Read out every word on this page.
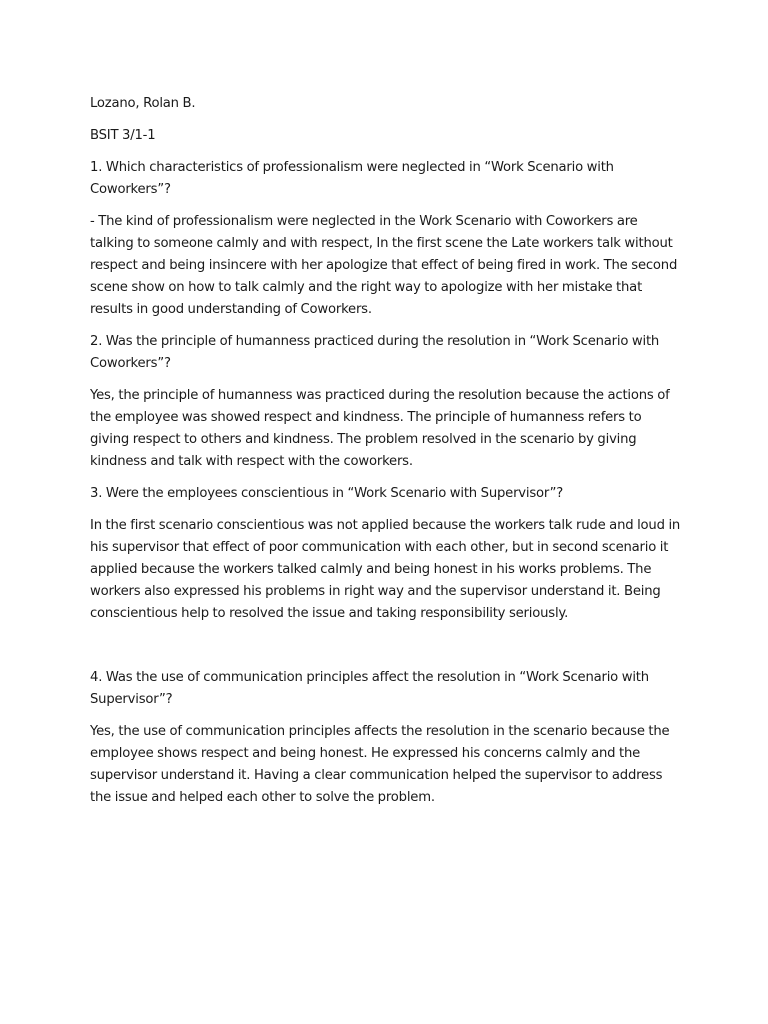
Lozano, Rolan B.

BSIT 3/1-1

1. Which characteristics of professionalism were neglected in “Work Scenario with Coworkers”?

- The kind of professionalism were neglected in the Work Scenario with Coworkers are talking to someone calmly and with respect, In the first scene the Late workers talk without respect and being insincere with her apologize that effect of being fired in work. The second scene show on how to talk calmly and the right way to apologize with her mistake that results in good understanding of Coworkers.

2. Was the principle of humanness practiced during the resolution in “Work Scenario with Coworkers”?

Yes, the principle of humanness was practiced during the resolution because the actions of the employee was showed respect and kindness. The principle of humanness refers to giving respect to others and kindness. The problem resolved in the scenario by giving kindness and talk with respect with the coworkers.

3. Were the employees conscientious in “Work Scenario with Supervisor”?

In the first scenario conscientious was not applied because the workers talk rude and loud in his supervisor that effect of poor communication with each other, but in second scenario it applied because the workers talked calmly and being honest in his works problems. The workers also expressed his problems in right way and the supervisor understand it. Being conscientious help to resolved the issue and taking responsibility seriously.

4. Was the use of communication principles affect the resolution in “Work Scenario with Supervisor”?

Yes, the use of communication principles affects the resolution in the scenario because the employee shows respect and being honest. He expressed his concerns calmly and the supervisor understand it. Having a clear communication helped the supervisor to address the issue and helped each other to solve the problem.
